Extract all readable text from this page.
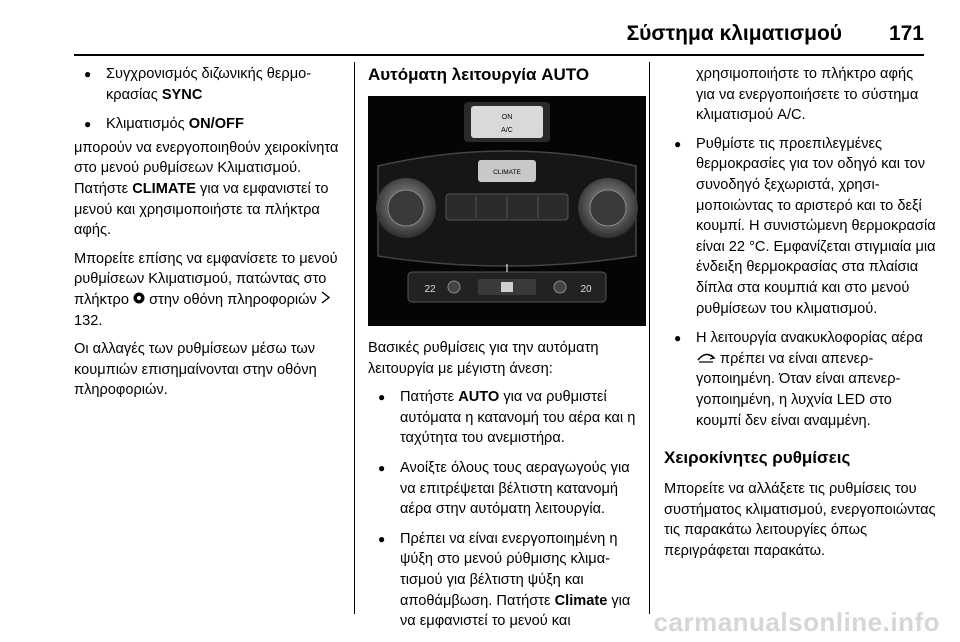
Σύστημα κλιματισμού 171
● Συγχρονισμός διζωνικής θερμοκρασίας SYNC
● Κλιματισμός ON/OFF

μπορούν να ενεργοποιηθούν χειροκίνητα στο μενού ρυθμίσεων Κλιματισμού. Πατήστε CLIMATE για να εμφανιστεί το μενού και χρησιμοποιήστε τα πλήκτρα αφής.

Μπορείτε επίσης να εμφανίσετε το μενού ρυθμίσεων Κλιματισμού, πατώντας στο πλήκτρο  στην οθόνη πληροφοριών  132.

Οι αλλαγές των ρυθμίσεων μέσω των κουμπιών επισημαίνονται στην οθόνη πληροφοριών.

Αυτόματη λειτουργία AUTO
ON
A/C
CLIMATE
22	20

Βασικές ρυθμίσεις για την αυτόματη λειτουργία με μέγιστη άνεση:

● Πατήστε AUTO για να ρυθμιστεί αυτόματα η κατανομή του αέρα και η ταχύτητα του ανεμιστήρα.
● Ανοίξτε όλους τους αεραγωγούς για να επιτρέψεται βέλτιστη κατανομή αέρα στην αυτόματη λειτουργία.
● Πρέπει να είναι ενεργοποιημένη η ψύξη στο μενού ρύθμισης κλιματισμού για βέλτιστη ψύξη και αποθάμβωση. Πατήστε Climate για να εμφανιστεί το μενού και

χρησιμοποιήστε το πλήκτρο αφής για να ενεργοποιήσετε το σύστημα κλιματισμού A/C.

● Ρυθμίστε τις προεπιλεγμένες θερμοκρασίες για τον οδηγό και τον συνοδηγό ξεχωριστά, χρησιμοποιώντας το αριστερό και το δεξί κουμπί. Η συνιστώμενη θερμοκρασία είναι 22 °C. Εμφανίζεται στιγμιαία μια ένδειξη θερμοκρασίας στα πλαίσια δίπλα στα κουμπιά και στο μενού ρυθμίσεων του κλιματισμού.
● Η λειτουργία ανακυκλοφορίας αέρα  πρέπει να είναι απενεργοποιημένη. Όταν είναι απενεργοποιημένη, η λυχνία LED στο κουμπί δεν είναι αναμμένη.
Χειροκίνητες ρυθμίσεις

Μπορείτε να αλλάξετε τις ρυθμίσεις του συστήματος κλιματισμού, ενεργοποιώντας τις παρακάτω λειτουργίες όπως περιγράφεται παρακάτω.

carmanualsonline.info
